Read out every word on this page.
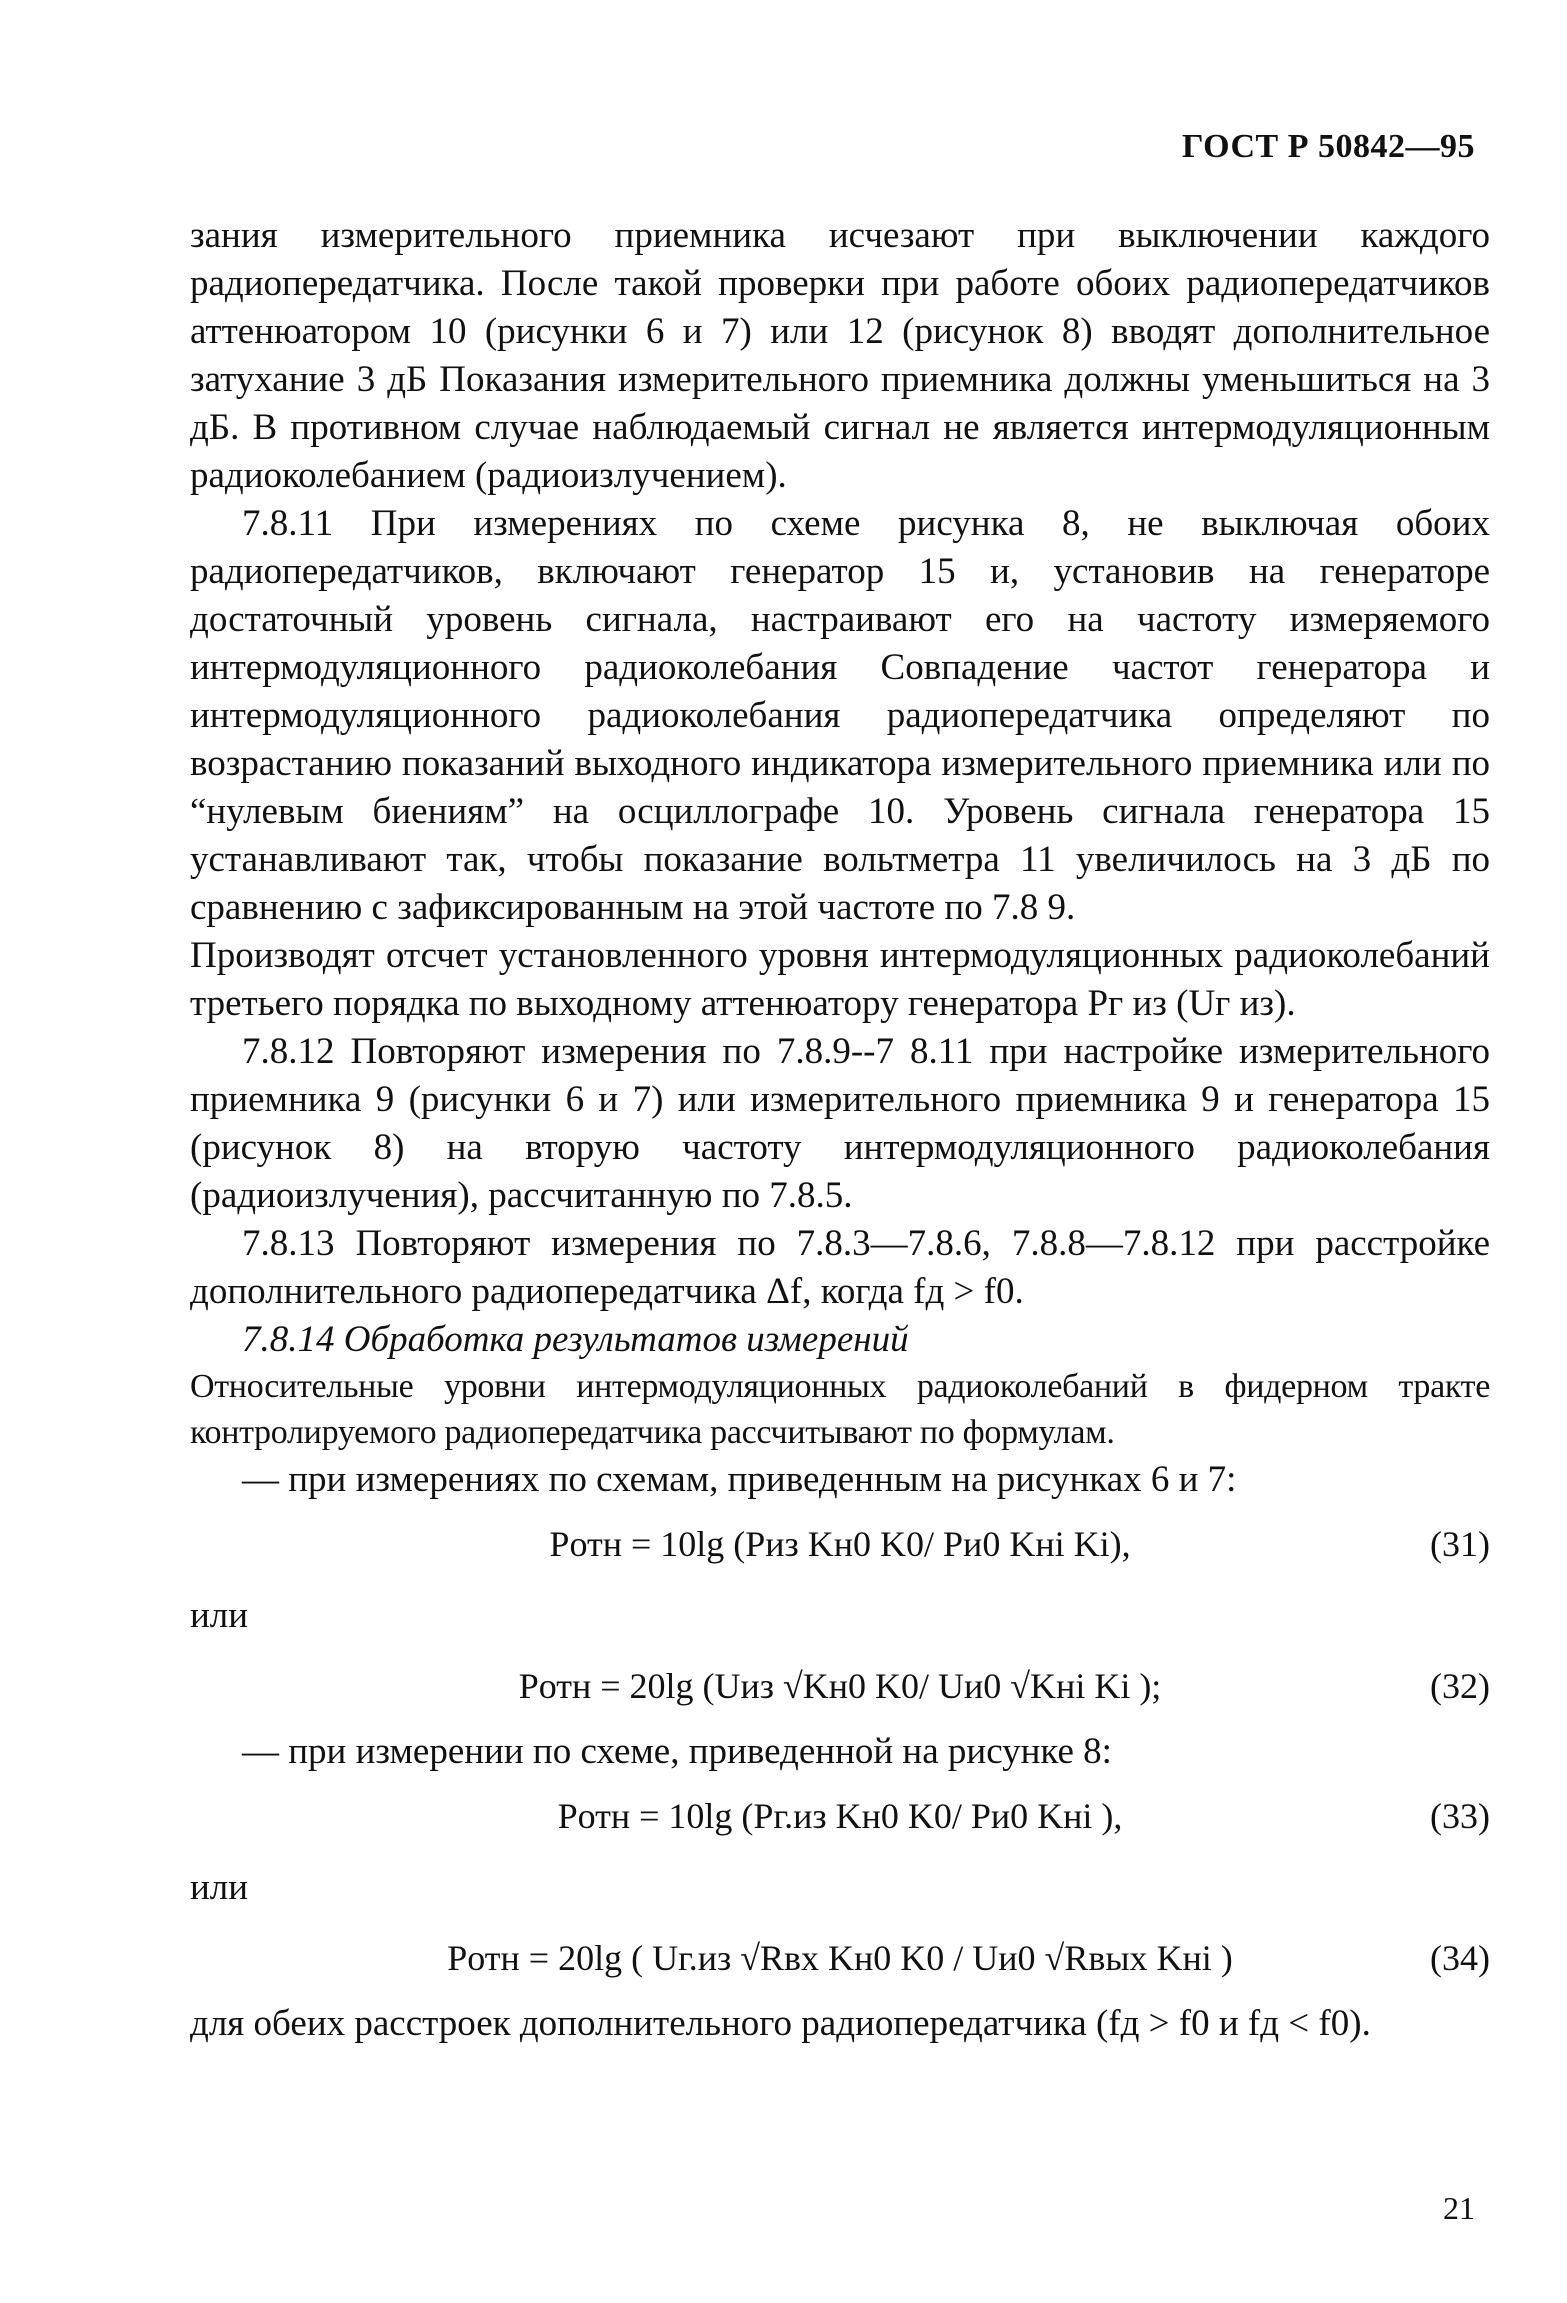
ГОСТ Р 50842—95

зания измерительного приемника исчезают при выключении каждого радиопередатчика. После такой проверки при работе обоих радиопередатчиков аттенюатором 10 (рисунки 6 и 7) или 12 (рисунок 8) вводят дополнительное затухание 3 дБ Показания измерительного приемника должны уменьшиться на 3 дБ. В противном случае наблюдаемый сигнал не является интермодуляционным радиоколебанием (радиоизлучением).

7.8.11 При измерениях по схеме рисунка 8, не выключая обоих радиопередатчиков, включают генератор 15 и, установив на генераторе достаточный уровень сигнала, настраивают его на частоту измеряемого интермодуляционного радиоколебания Совпадение частот генератора и интермодуляционного радиоколебания радиопередатчика определяют по возрастанию показаний выходного индикатора измерительного приемника или по “нулевым биениям” на осциллографе 10. Уровень сигнала генератора 15 устанавливают так, чтобы показание вольтметра 11 увеличилось на 3 дБ по сравнению с зафиксированным на этой частоте по 7.8 9.

Производят отсчет установленного уровня интермодуляционных радиоколебаний третьего порядка по выходному аттенюатору генератора Pг из (Uг из).

7.8.12 Повторяют измерения по 7.8.9--7 8.11 при настройке измерительного приемника 9 (рисунки 6 и 7) или измерительного приемника 9 и генератора 15 (рисунок 8) на вторую частоту интермодуляционного радиоколебания (радиоизлучения), рассчитанную по 7.8.5.

7.8.13 Повторяют измерения по 7.8.3—7.8.6, 7.8.8—7.8.12 при расстройке дополнительного радиопередатчика Δf, когда fд > f0.

7.8.14 Обработка результатов измерений

Относительные уровни интермодуляционных радиоколебаний в фидерном тракте контролируемого радиопередатчика рассчитывают по формулам.

— при измерениях по схемам, приведенным на рисунках 6 и 7:

Pотн = 10lg (Pиз Kн0 K0/ Pи0 Kнi Ki),	(31)
или
Pотн = 20lg (Uиз √Kн0 K0/ Uи0 √Kнi Ki );	(32)

— при измерении по схеме, приведенной на рисунке 8:

Pотн = 10lg (Pг.из Kн0 K0/ Pи0 Kнi ),	(33)
или
Pотн = 20lg ( Uг.из √Rвх Kн0 K0 / Uи0 √Rвых Kнi )	(34)

для обеих расстроек дополнительного радиопередатчика (fд > f0 и fд < f0).

21
